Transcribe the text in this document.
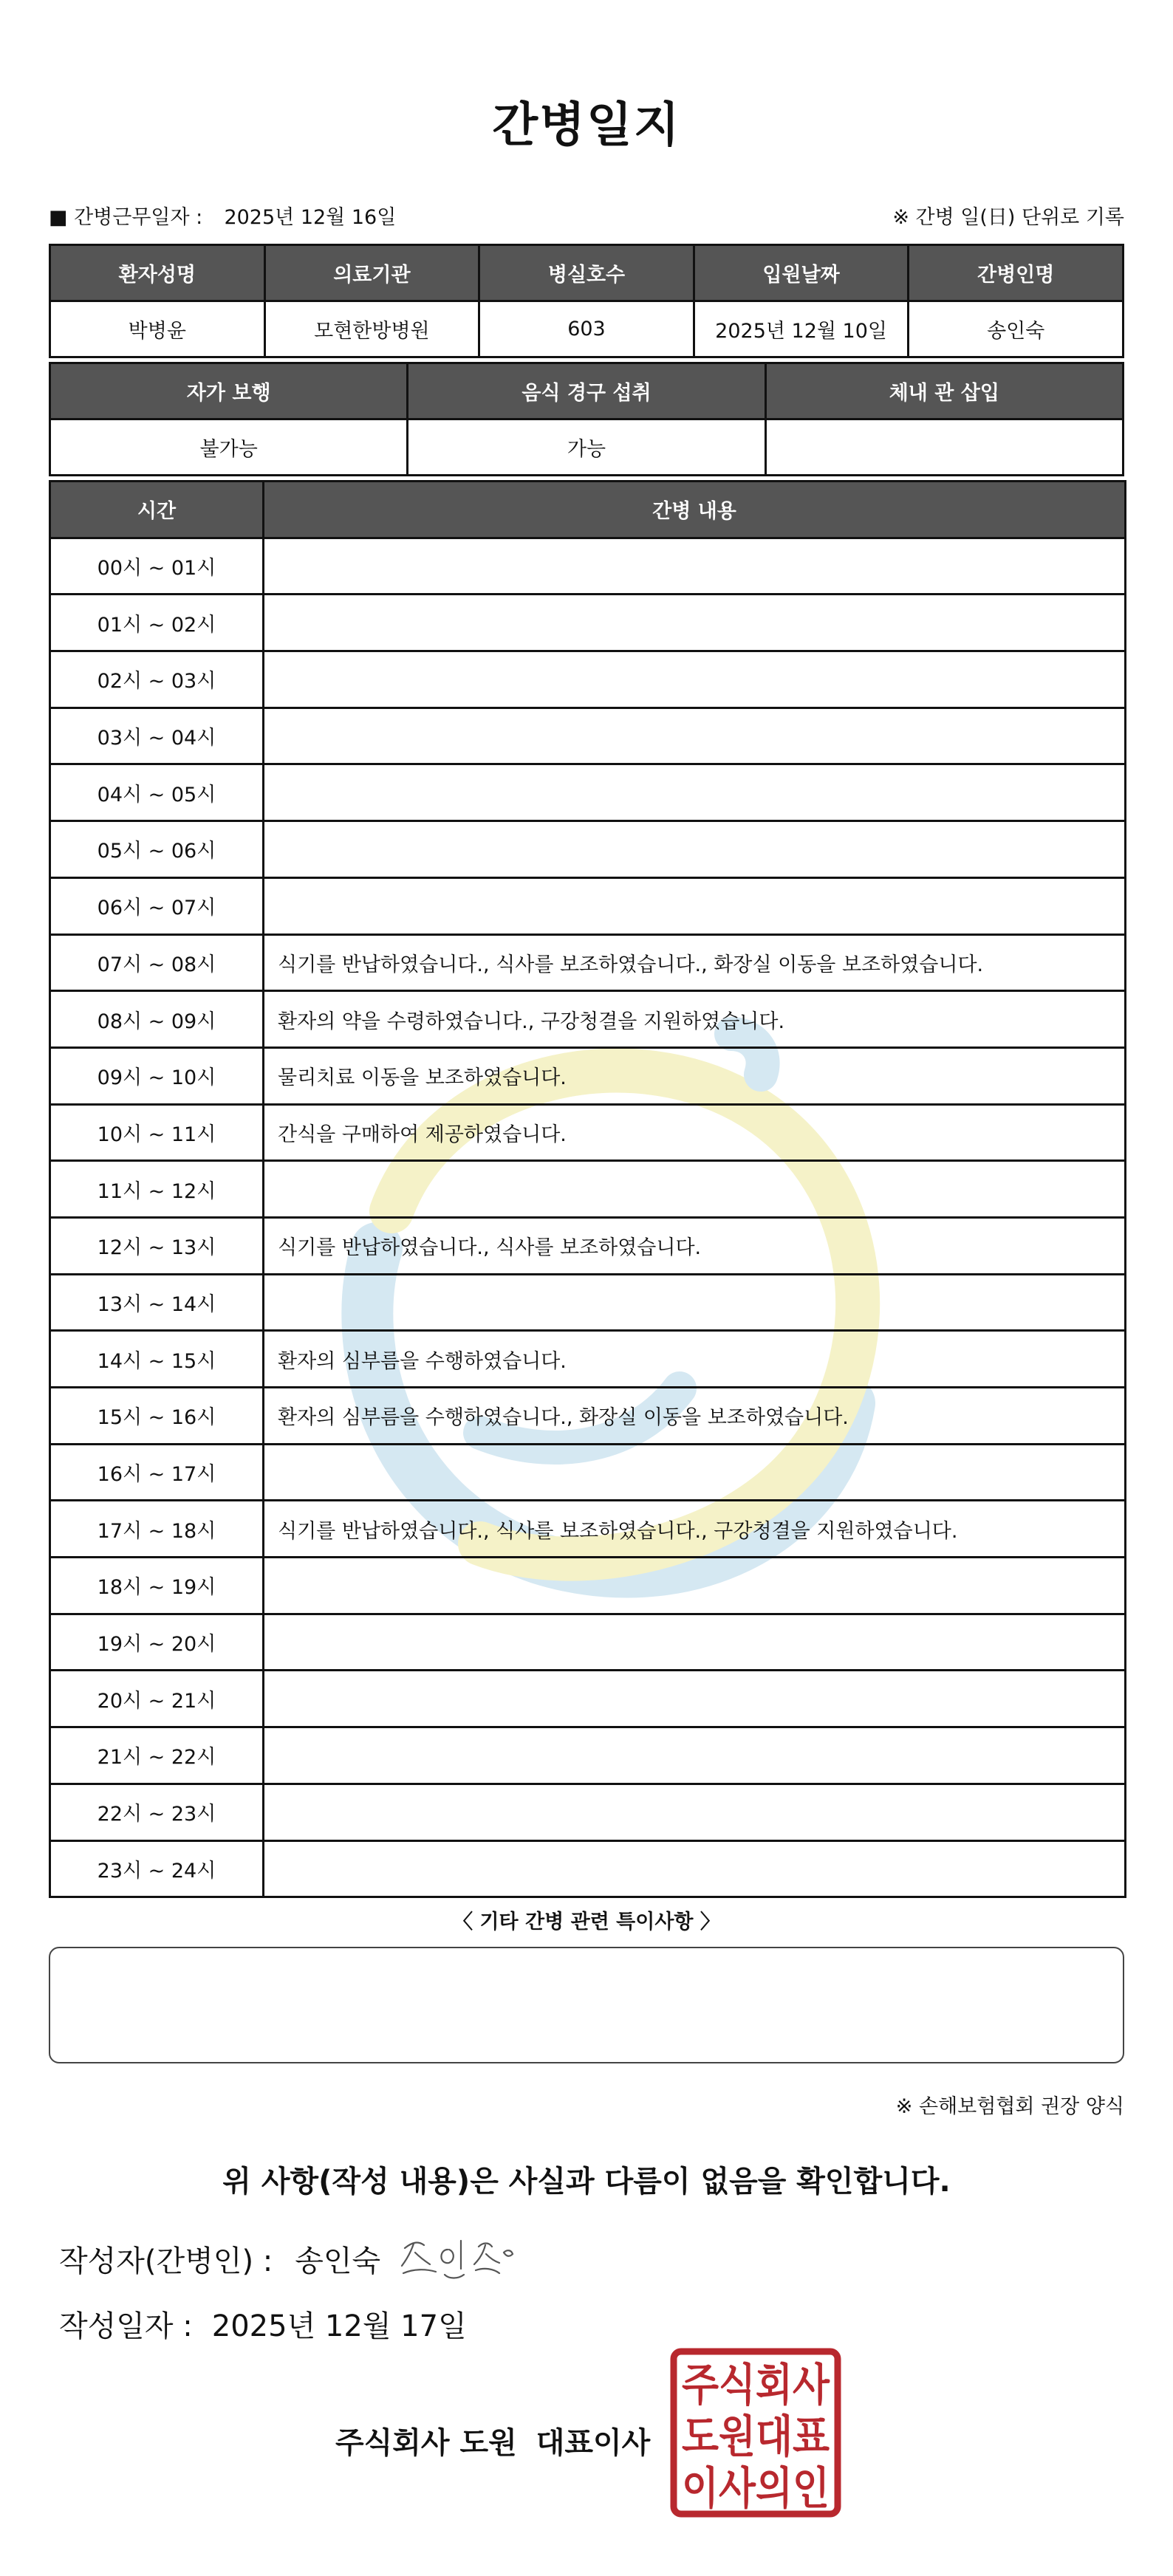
간병일지
■ 간병근무일자 : 2025년 12월 16일	※ 간병 일(日) 단위로 기록
환자성명	의료기관	병실호수	입원날짜	간병인명
박병윤	모현한방병원	603	2025년 12월 10일	송인숙
자가 보행	음식 경구 섭취	체내 관 삽입
불가능	가능	
시간	간병 내용
00시 ~ 01시	
01시 ~ 02시	
02시 ~ 03시	
03시 ~ 04시	
04시 ~ 05시	
05시 ~ 06시	
06시 ~ 07시	
07시 ~ 08시	식기를 반납하였습니다., 식사를 보조하였습니다., 화장실 이동을 보조하였습니다.
08시 ~ 09시	환자의 약을 수령하였습니다., 구강청결을 지원하였습니다.
09시 ~ 10시	물리치료 이동을 보조하였습니다.
10시 ~ 11시	간식을 구매하여 제공하였습니다.
11시 ~ 12시	
12시 ~ 13시	식기를 반납하였습니다., 식사를 보조하였습니다.
13시 ~ 14시	
14시 ~ 15시	환자의 심부름을 수행하였습니다.
15시 ~ 16시	환자의 심부름을 수행하였습니다., 화장실 이동을 보조하였습니다.
16시 ~ 17시	
17시 ~ 18시	식기를 반납하였습니다., 식사를 보조하였습니다., 구강청결을 지원하였습니다.
18시 ~ 19시	
19시 ~ 20시	
20시 ~ 21시	
21시 ~ 22시	
22시 ~ 23시	
23시 ~ 24시	
〈 기타 간병 관련 특이사항 〉
※ 손해보험협회 권장 양식
위 사항(작성 내용)은 사실과 다름이 없음을 확인합니다.
작성자(간병인) : 송인숙
작성일자 : 2025년 12월 17일
주식회사 도원 대표이사
주식회사
도원대표
이사의인
